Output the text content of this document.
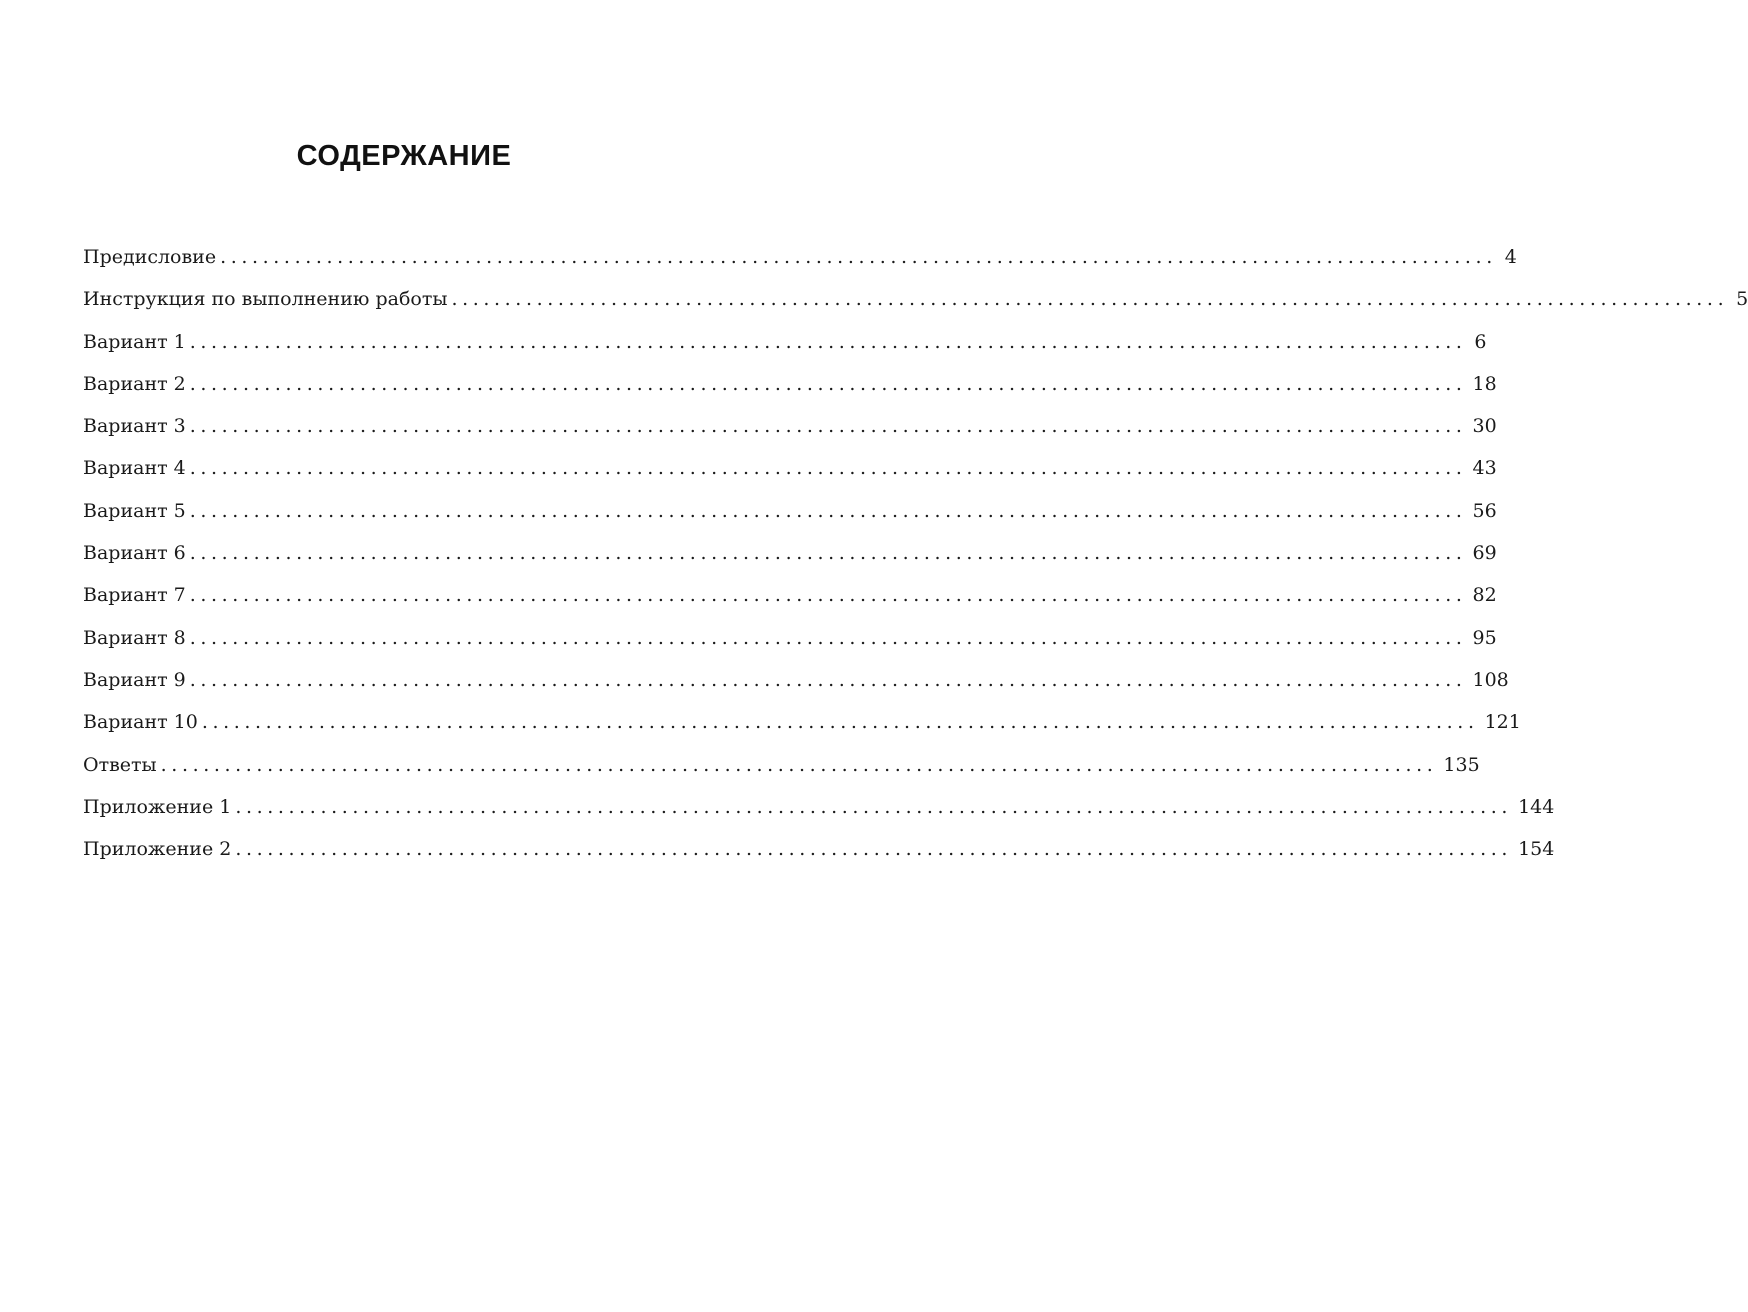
СОДЕРЖАНИЕ
Предисловие ........................................................................................................................ 4
Инструкция по выполнению работы ........................................................................................................................ 5
Вариант 1 ........................................................................................................................ 6
Вариант 2 ........................................................................................................................ 18
Вариант 3 ........................................................................................................................ 30
Вариант 4 ........................................................................................................................ 43
Вариант 5 ........................................................................................................................ 56
Вариант 6 ........................................................................................................................ 69
Вариант 7 ........................................................................................................................ 82
Вариант 8 ........................................................................................................................ 95
Вариант 9 ........................................................................................................................ 108
Вариант 10 ........................................................................................................................ 121
Ответы ........................................................................................................................ 135
Приложение 1 ........................................................................................................................ 144
Приложение 2 ........................................................................................................................ 154
